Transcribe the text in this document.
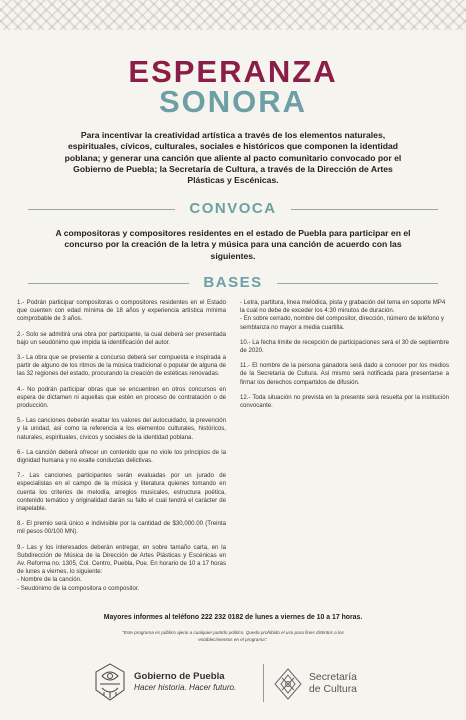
ESPERANZA
SONORA
Para incentivar la creatividad artística a través de los elementos naturales, espirituales, cívicos, culturales, sociales e históricos que componen la identidad poblana; y generar una canción que aliente al pacto comunitario convocado por el Gobierno de Puebla; la Secretaría de Cultura, a través de la Dirección de Artes Plásticas y Escénicas.
CONVOCA
A compositoras y compositores residentes en el estado de Puebla para participar en el concurso por la creación de la letra y música para una canción de acuerdo con las siguientes.
BASES

1.- Podrán participar compositoras o compositores residentes en el Estado que cuenten con edad mínima de 18 años y experiencia artística mínima comprobable de 3 años.

2.- Solo se admitirá una obra por participante, la cual deberá ser presentada bajo un seudónimo que impida la identificación del autor.

3.- La obra que se presente a concurso deberá ser compuesta e inspirada a partir de alguno de los ritmos de la música tradicional o popular de alguna de las 32 regiones del estado, procurando la creación de estéticas renovadas.

4.- No podrán participar obras que se encuentren en otros concursos en espera de dictamen ni aquellas que estén en proceso de contratación o de producción.

5.- Las canciones deberán exaltar los valores del autocuidado, la prevención y la unidad, así como la referencia a los elementos culturales, históricos, naturales, espirituales, cívicos y sociales de la identidad poblana.

6.- La canción deberá ofrecer un contenido que no viole los principios de la dignidad humana y no exalte conductas delictivas.

7.- Las canciones participantes serán evaluadas por un jurado de especialistas en el campo de la música y literatura quienes tomando en cuenta los criterios de melodía, arreglos musicales, estructura poética, contenido temático y originalidad darán su fallo el cual tendrá el carácter de inapelable.

8.- El premio será único e indivisible por la cantidad de $30,000.00 (Treinta mil pesos 00/100 MN).

9.- Las y los interesados deberán entregar, en sobre tamaño carta, en la Subdirección de Música de la Dirección de Artes Plásticas y Escénicas en Av. Reforma no. 1305, Col. Centro, Puebla, Pue. En horario de 10 a 17 horas de lunes a viernes, lo siguiente:
- Nombre de la canción.
- Seudónimo de la compositora o compositor.
- Letra, partitura, línea melódica, pista y grabación del tema en soporte MP4 la cual no debe de exceder los 4:30 minutos de duración.
- En sobre cerrado, nombre del compositor, dirección, número de teléfono y semblanza no mayor a media cuartilla.

10.- La fecha límite de recepción de participaciones será el 30 de septiembre de 2020.

11.- El nombre de la persona ganadora será dado a conocer por los medios de la Secretaría de Cultura. Así mismo será notificada para presentarse a firmar los derechos compartidos de difusión.

12.- Toda situación no prevista en la presente será resuelta por la institución convocante.

Mayores informes al teléfono 222 232 0182 de lunes a viernes de 10 a 17 horas.
"Este programa es público ajeno a cualquier partido político. Queda prohibido el uso para fines distintos a los establecimientos en el programa".
Gobierno de Puebla
Hacer historia. Hacer futuro.
Secretaría
de Cultura
